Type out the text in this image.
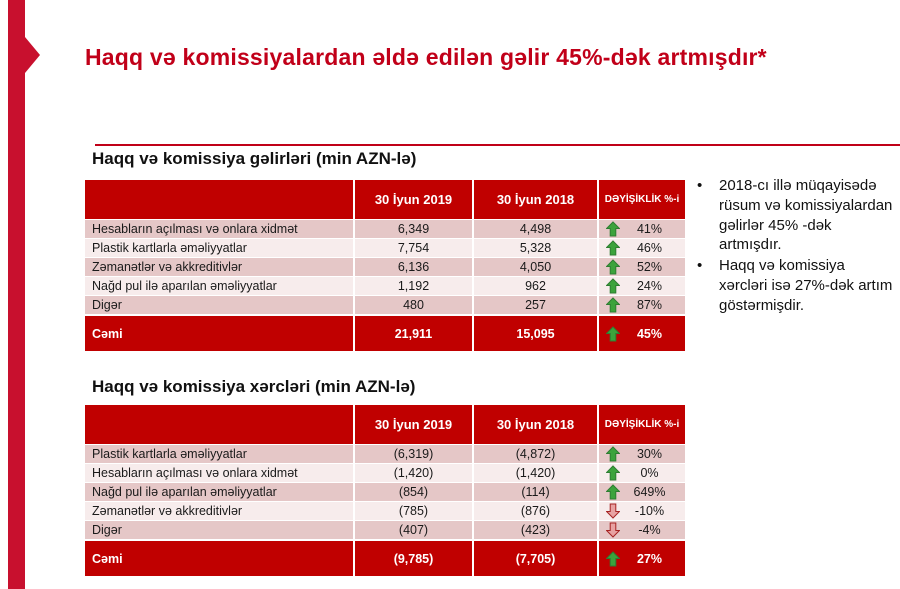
Haqq və komissiyalardan əldə edilən gəlir 45%-dək artmışdır*
Haqq və komissiya gəlirləri (min AZN-lə)
30 İyun 2019	30 İyun 2018	DƏYİŞİKLİK %-i
Hesabların açılması və onlara xidmət	6,349	4,498	41%
Plastik kartlarla əməliyyatlar	7,754	5,328	46%
Zəmanətlər və akkreditivlər	6,136	4,050	52%
Nağd pul ilə aparılan əməliyyatlar	1,192	962	24%
Digər	480	257	87%
Cəmi	21,911	15,095	45%
•	2018-cı illə müqayisədə rüsum və komissiyalardan gəlirlər 45% -dək artmışdır.
•	Haqq və komissiya xərcləri isə 27%-dək artım göstərmişdir.
Haqq və komissiya xərcləri (min AZN-lə)
30 İyun 2019	30 İyun 2018	DƏYİŞİKLİK %-i
Plastik kartlarla əməliyyatlar	(6,319)	(4,872)	30%
Hesabların açılması və onlara xidmət	(1,420)	(1,420)	0%
Nağd pul ilə aparılan əməliyyatlar	(854)	(114)	649%
Zəmanətlər və akkreditivlər	(785)	(876)	-10%
Digər	(407)	(423)	-4%
Cəmi	(9,785)	(7,705)	27%
